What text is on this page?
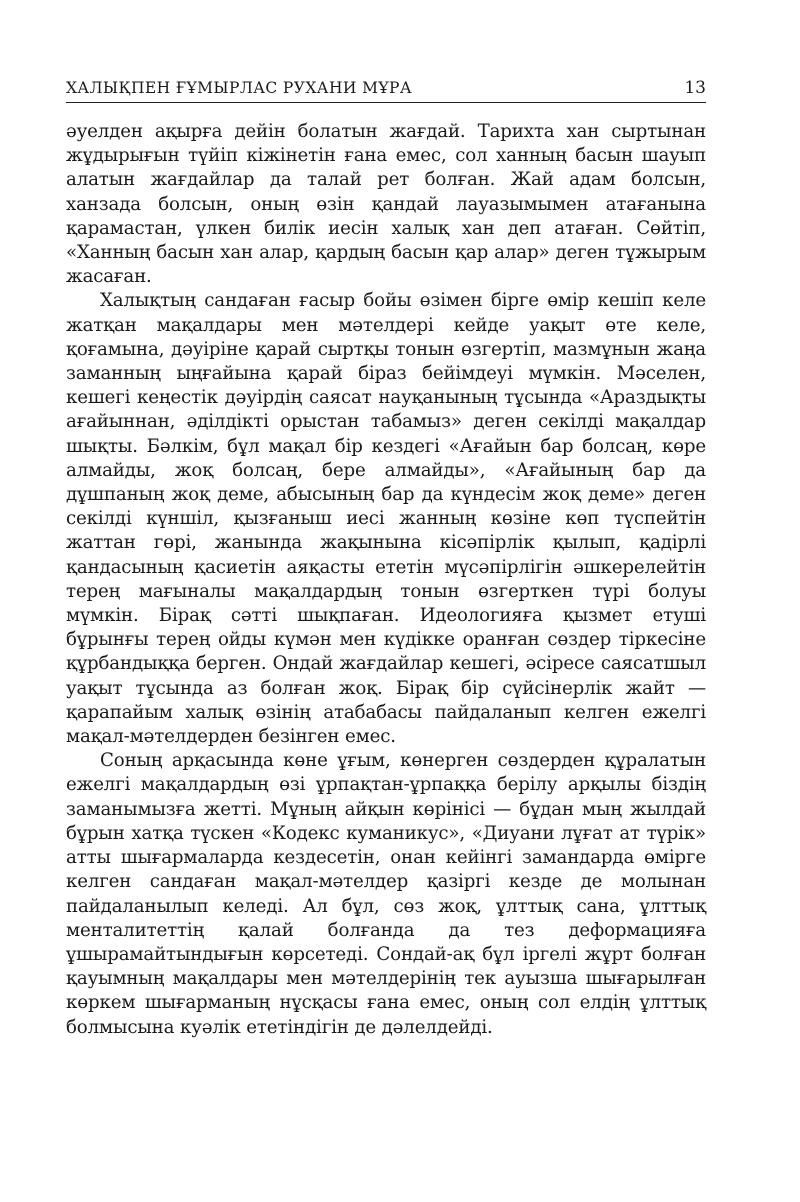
ХАЛЫҚПЕН ҒҰМЫРЛАС РУХАНИ МҰРА	13

әуелден ақырға дейін болатын жағдай. Тарихта хан сыртынан жұдырығын түйіп кіжінетін ғана емес, сол ханның басын шауып алатын жағдайлар да талай рет болған. Жай адам болсын, ханзада болсын, оның өзін қандай лауазымымен атағанына қарамастан, үлкен билік иесін халық хан деп атаған. Сөйтіп, «Ханның басын хан алар, қардың басын қар алар» деген тұжырым жасаған.

Халықтың сандаған ғасыр бойы өзімен бірге өмір кешіп келе жатқан мақалдары мен мәтелдері кейде уақыт өте келе, қоғамына, дәуіріне қарай сыртқы тонын өзгертіп, мазмұнын жаңа заманның ыңғайына қарай біраз бейімдеуі мүмкін. Мәселен, кешегі кеңестік дәуірдің саясат науқанының тұсында «Араздықты ағайыннан, әділдікті орыстан табамыз» деген секілді мақалдар шықты. Бәлкім, бұл мақал бір кездегі «Ағайын бар болсаң, көре алмайды, жоқ болсаң, бере алмайды», «Ағайының бар да дұшпаның жоқ деме, абысының бар да күндесім жоқ деме» деген секілді күншіл, қызғаныш иесі жанның көзіне көп түспейтін жаттан гөрі, жанында жақынына кісәпірлік қылып, қадірлі қандасының қасиетін аяқасты ететін мүсәпірлігін әшкерелейтін терең мағыналы мақалдардың тонын өзгерткен түрі болуы мүмкін. Бірақ сәтті шықпаған. Идеологияға қызмет етуші бұрынғы терең ойды күмән мен күдікке оранған сөздер тіркесіне құрбандыққа берген. Ондай жағдайлар кешегі, әсіресе саясатшыл уақыт тұсында аз болған жоқ. Бірақ бір сүйсінерлік жайт — қарапайым халық өзінің атабабасы пайдаланып келген ежелгі мақал-мәтелдерден безінген емес.

Соның арқасында көне ұғым, көнерген сөздерден құралатын ежелгі мақалдардың өзі ұрпақтан-ұрпаққа берілу арқылы біздің заманымызға жетті. Мұның айқын көрінісі — бұдан мың жылдай бұрын хатқа түскен «Кодекс куманикус», «Диуани лұғат ат түрік» атты шығармаларда кездесетін, онан кейінгі замандарда өмірге келген сандаған мақал-мәтелдер қазіргі кезде де молынан пайдаланылып келеді. Ал бұл, сөз жоқ, ұлттық сана, ұлттық менталитеттің қалай болғанда да тез деформацияға ұшырамайтындығын көрсетеді. Сондай-ақ бұл іргелі жұрт болған қауымның мақалдары мен мәтелдерінің тек ауызша шығарылған көркем шығарманың нұсқасы ғана емес, оның сол елдің ұлттық болмысына куәлік ететіндігін де дәлелдейді.
